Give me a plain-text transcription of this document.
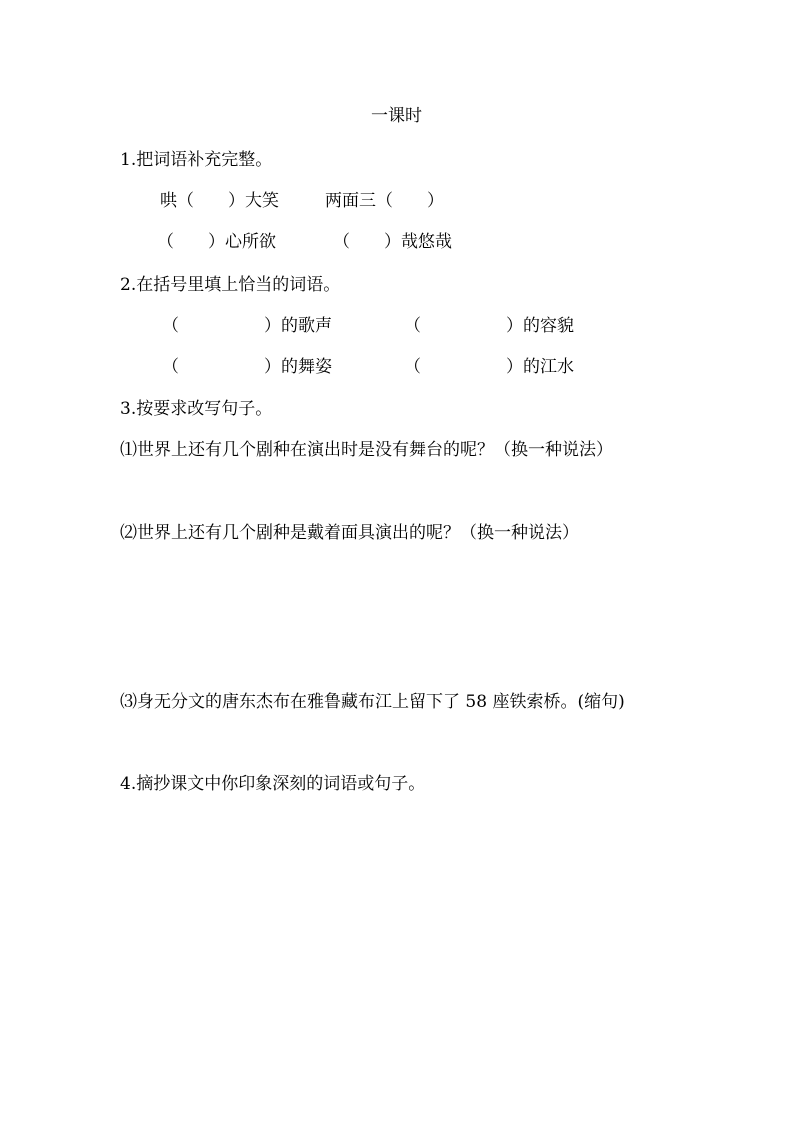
一课时
1.把词语补充完整。
哄（　　）大笑	两面三（　　）
（　　）心所欲	（　　）哉悠哉
2.在括号里填上恰当的词语。
（　　　　　）的歌声	（　　　　　）的容貌
（　　　　　）的舞姿	（　　　　　）的江水
3.按要求改写句子。
⑴世界上还有几个剧种在演出时是没有舞台的呢？（换一种说法）
⑵世界上还有几个剧种是戴着面具演出的呢？（换一种说法）
⑶身无分文的唐东杰布在雅鲁藏布江上留下了 58 座铁索桥。(缩句)
4.摘抄课文中你印象深刻的词语或句子。
